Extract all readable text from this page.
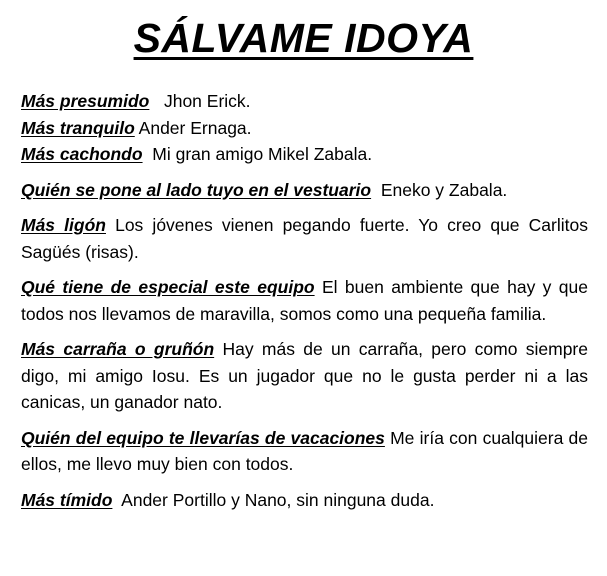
SÁLVAME IDOYA

Más presumido Jhon Erick.

Más tranquilo Ander Ernaga.

Más cachondo Mi gran amigo Mikel Zabala.

Quién se pone al lado tuyo en el vestuario Eneko y Zabala.

Más ligón Los jóvenes vienen pegando fuerte. Yo creo que Carlitos Sagüés (risas).

Qué tiene de especial este equipo El buen ambiente que hay y que todos nos llevamos de maravilla, somos como una pequeña familia.

Más carraña o gruñón Hay más de un carraña, pero como siempre digo, mi amigo Iosu. Es un jugador que no le gusta perder ni a las canicas, un ganador nato.

Quién del equipo te llevarías de vacaciones Me iría con cualquiera de ellos, me llevo muy bien con todos.

Más tímido Ander Portillo y Nano, sin ninguna duda.
